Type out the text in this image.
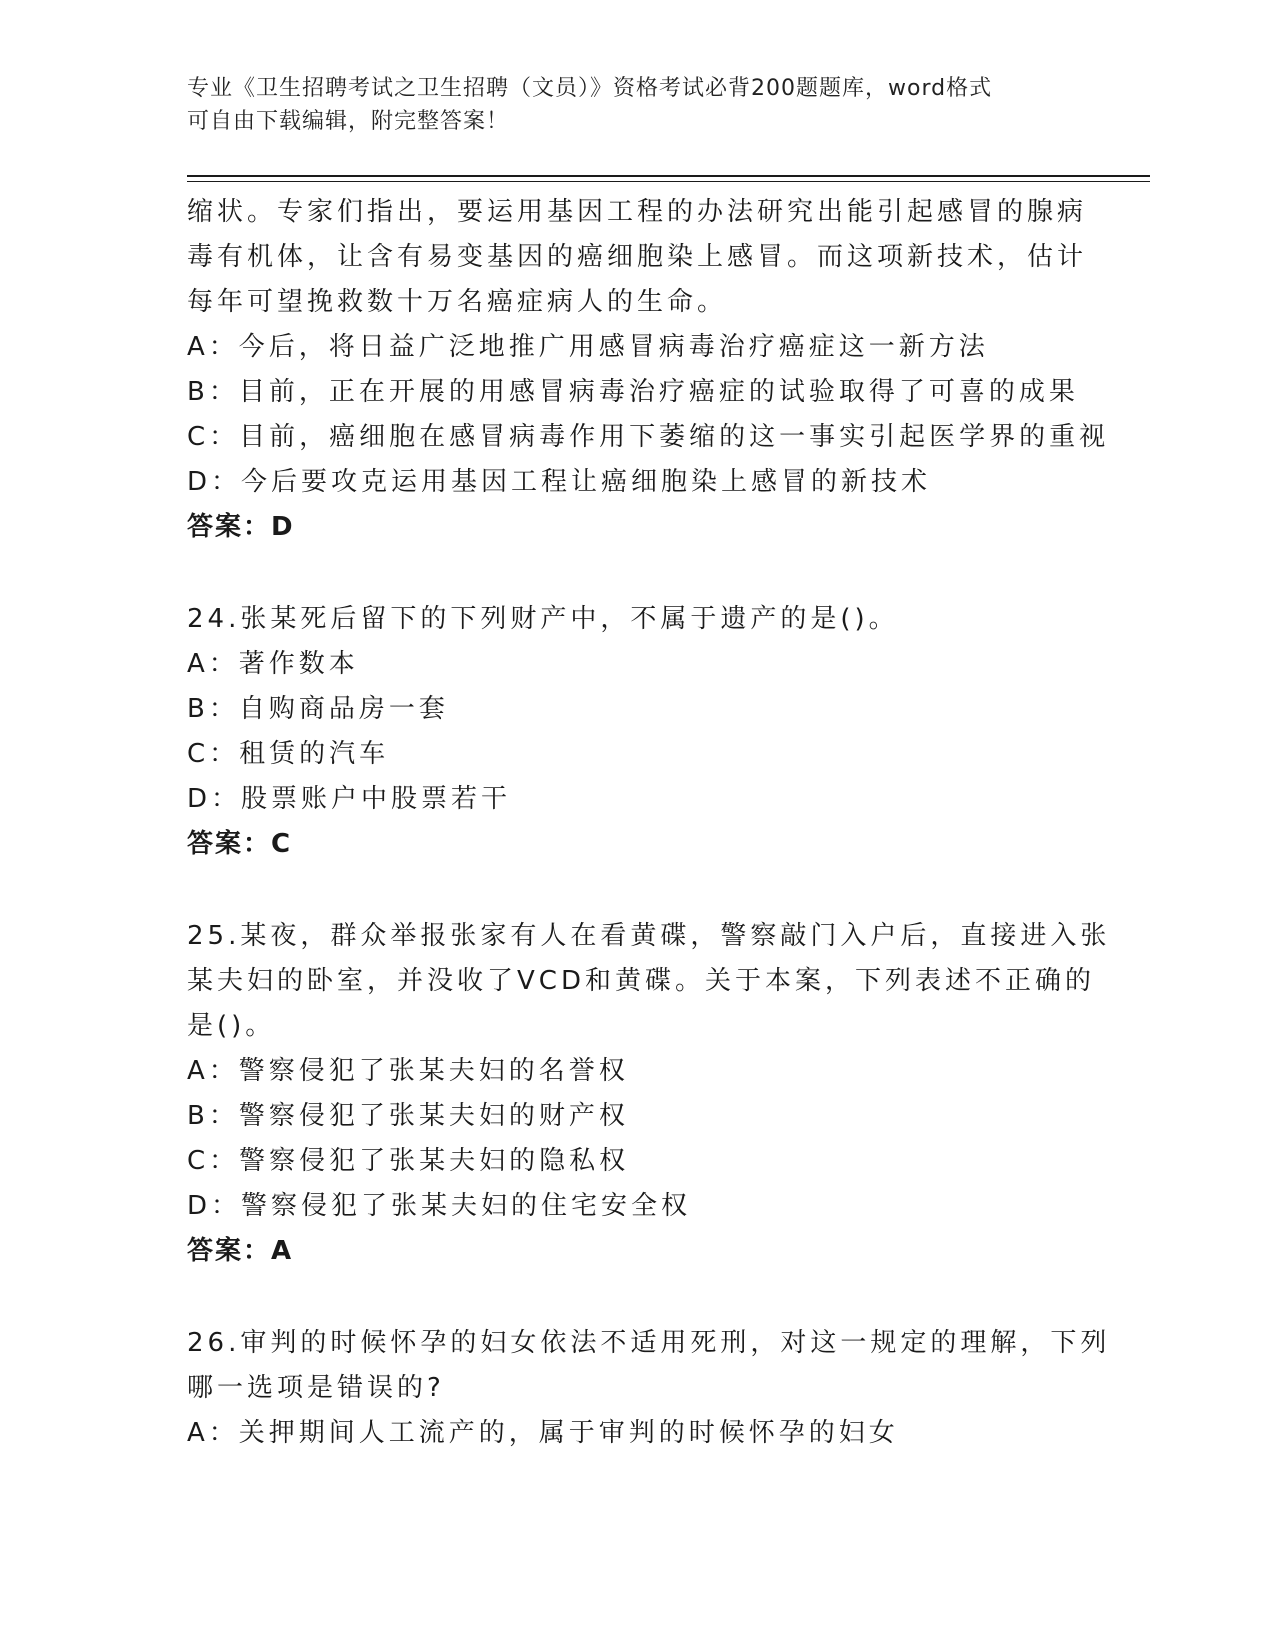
专业《卫生招聘考试之卫生招聘（文员）》资格考试必背200题题库，word格式
可自由下载编辑，附完整答案！
缩状。专家们指出，要运用基因工程的办法研究出能引起感冒的腺病
毒有机体，让含有易变基因的癌细胞染上感冒。而这项新技术，估计
每年可望挽救数十万名癌症病人的生命。
A：今后，将日益广泛地推广用感冒病毒治疗癌症这一新方法
B：目前，正在开展的用感冒病毒治疗癌症的试验取得了可喜的成果
C：目前，癌细胞在感冒病毒作用下萎缩的这一事实引起医学界的重视
D：今后要攻克运用基因工程让癌细胞染上感冒的新技术
答案：D
24.张某死后留下的下列财产中，不属于遗产的是()。
A：著作数本
B：自购商品房一套
C：租赁的汽车
D：股票账户中股票若干
答案：C
25.某夜，群众举报张家有人在看黄碟，警察敲门入户后，直接进入张
某夫妇的卧室，并没收了VCD和黄碟。关于本案，下列表述不正确的
是()。
A：警察侵犯了张某夫妇的名誉权
B：警察侵犯了张某夫妇的财产权
C：警察侵犯了张某夫妇的隐私权
D：警察侵犯了张某夫妇的住宅安全权
答案：A
26.审判的时候怀孕的妇女依法不适用死刑，对这一规定的理解，下列
哪一选项是错误的?
A：关押期间人工流产的，属于审判的时候怀孕的妇女
